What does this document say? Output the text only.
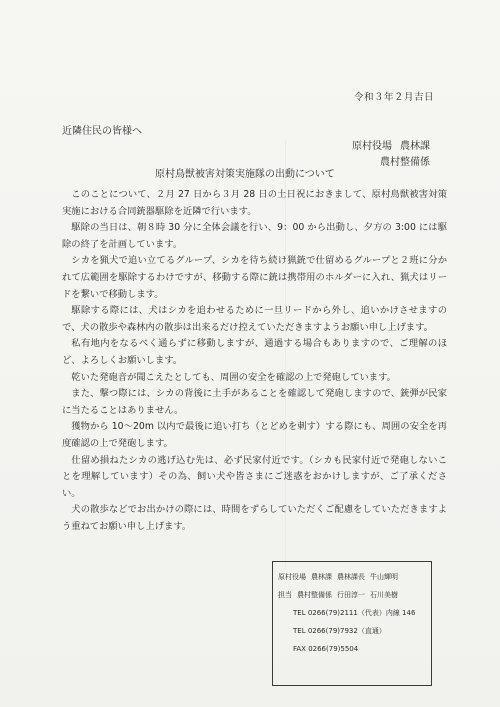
令和３年２月吉日
近隣住民の皆様へ
原村役場 農林課
農村整備係
原村鳥獣被害対策実施隊の出動について

このことについて、２月 27 日から３月 28 日の土日祝におきまして、原村鳥獣被害対策実施における合同銃器駆除を近隣で行います。

駆除の当日は、朝８時 30 分に全体会議を行い、9：00 から出動し、夕方の 3:00 には駆除の終了を計画しています。

シカを猟犬で追い立てるグループ、シカを待ち続け猟銃で仕留めるグループと２班に分かれて広範囲を駆除するわけですが、移動する際に銃は携帯用のホルダーに入れ、猟犬はリードを繋いで移動します。

駆除する際には、犬はシカを追わせるために一旦リードから外し、追いかけさせますので、犬の散歩や森林内の散歩は出来るだけ控えていただきますようお願い申し上げます。

私有地内をなるべく通らずに移動しますが、通過する場合もありますので、ご理解のほど、よろしくお願いします。

乾いた発砲音が聞こえたとしても、周囲の安全を確認の上で発砲しています。

また、撃つ際には、シカの背後に土手があることを確認して発砲しますので、銃弾が民家に当たることはありません。

獲物から 10～20m 以内で最後に追い打ち（とどめを刺す）する際にも、周囲の安全を再度確認の上で発砲します。

仕留め損ねたシカの逃げ込む先は、必ず民家付近です。（シカも民家付近で発砲しないことを理解しています）その為、飼い犬や皆さまにご迷惑をおかけしますが、ご了承ください。

犬の散歩などでお出かけの際には、時間をずらしていただくご配慮をしていただきますよう重ねてお願い申し上げます。

原村役場 農林課 農林課長 牛山輝明
担当 農村整備係 行田淳一 石川美樹
TEL 0266(79)2111（代表）内線 146
TEL 0266(79)7932（直通）
FAX 0266(79)5504
